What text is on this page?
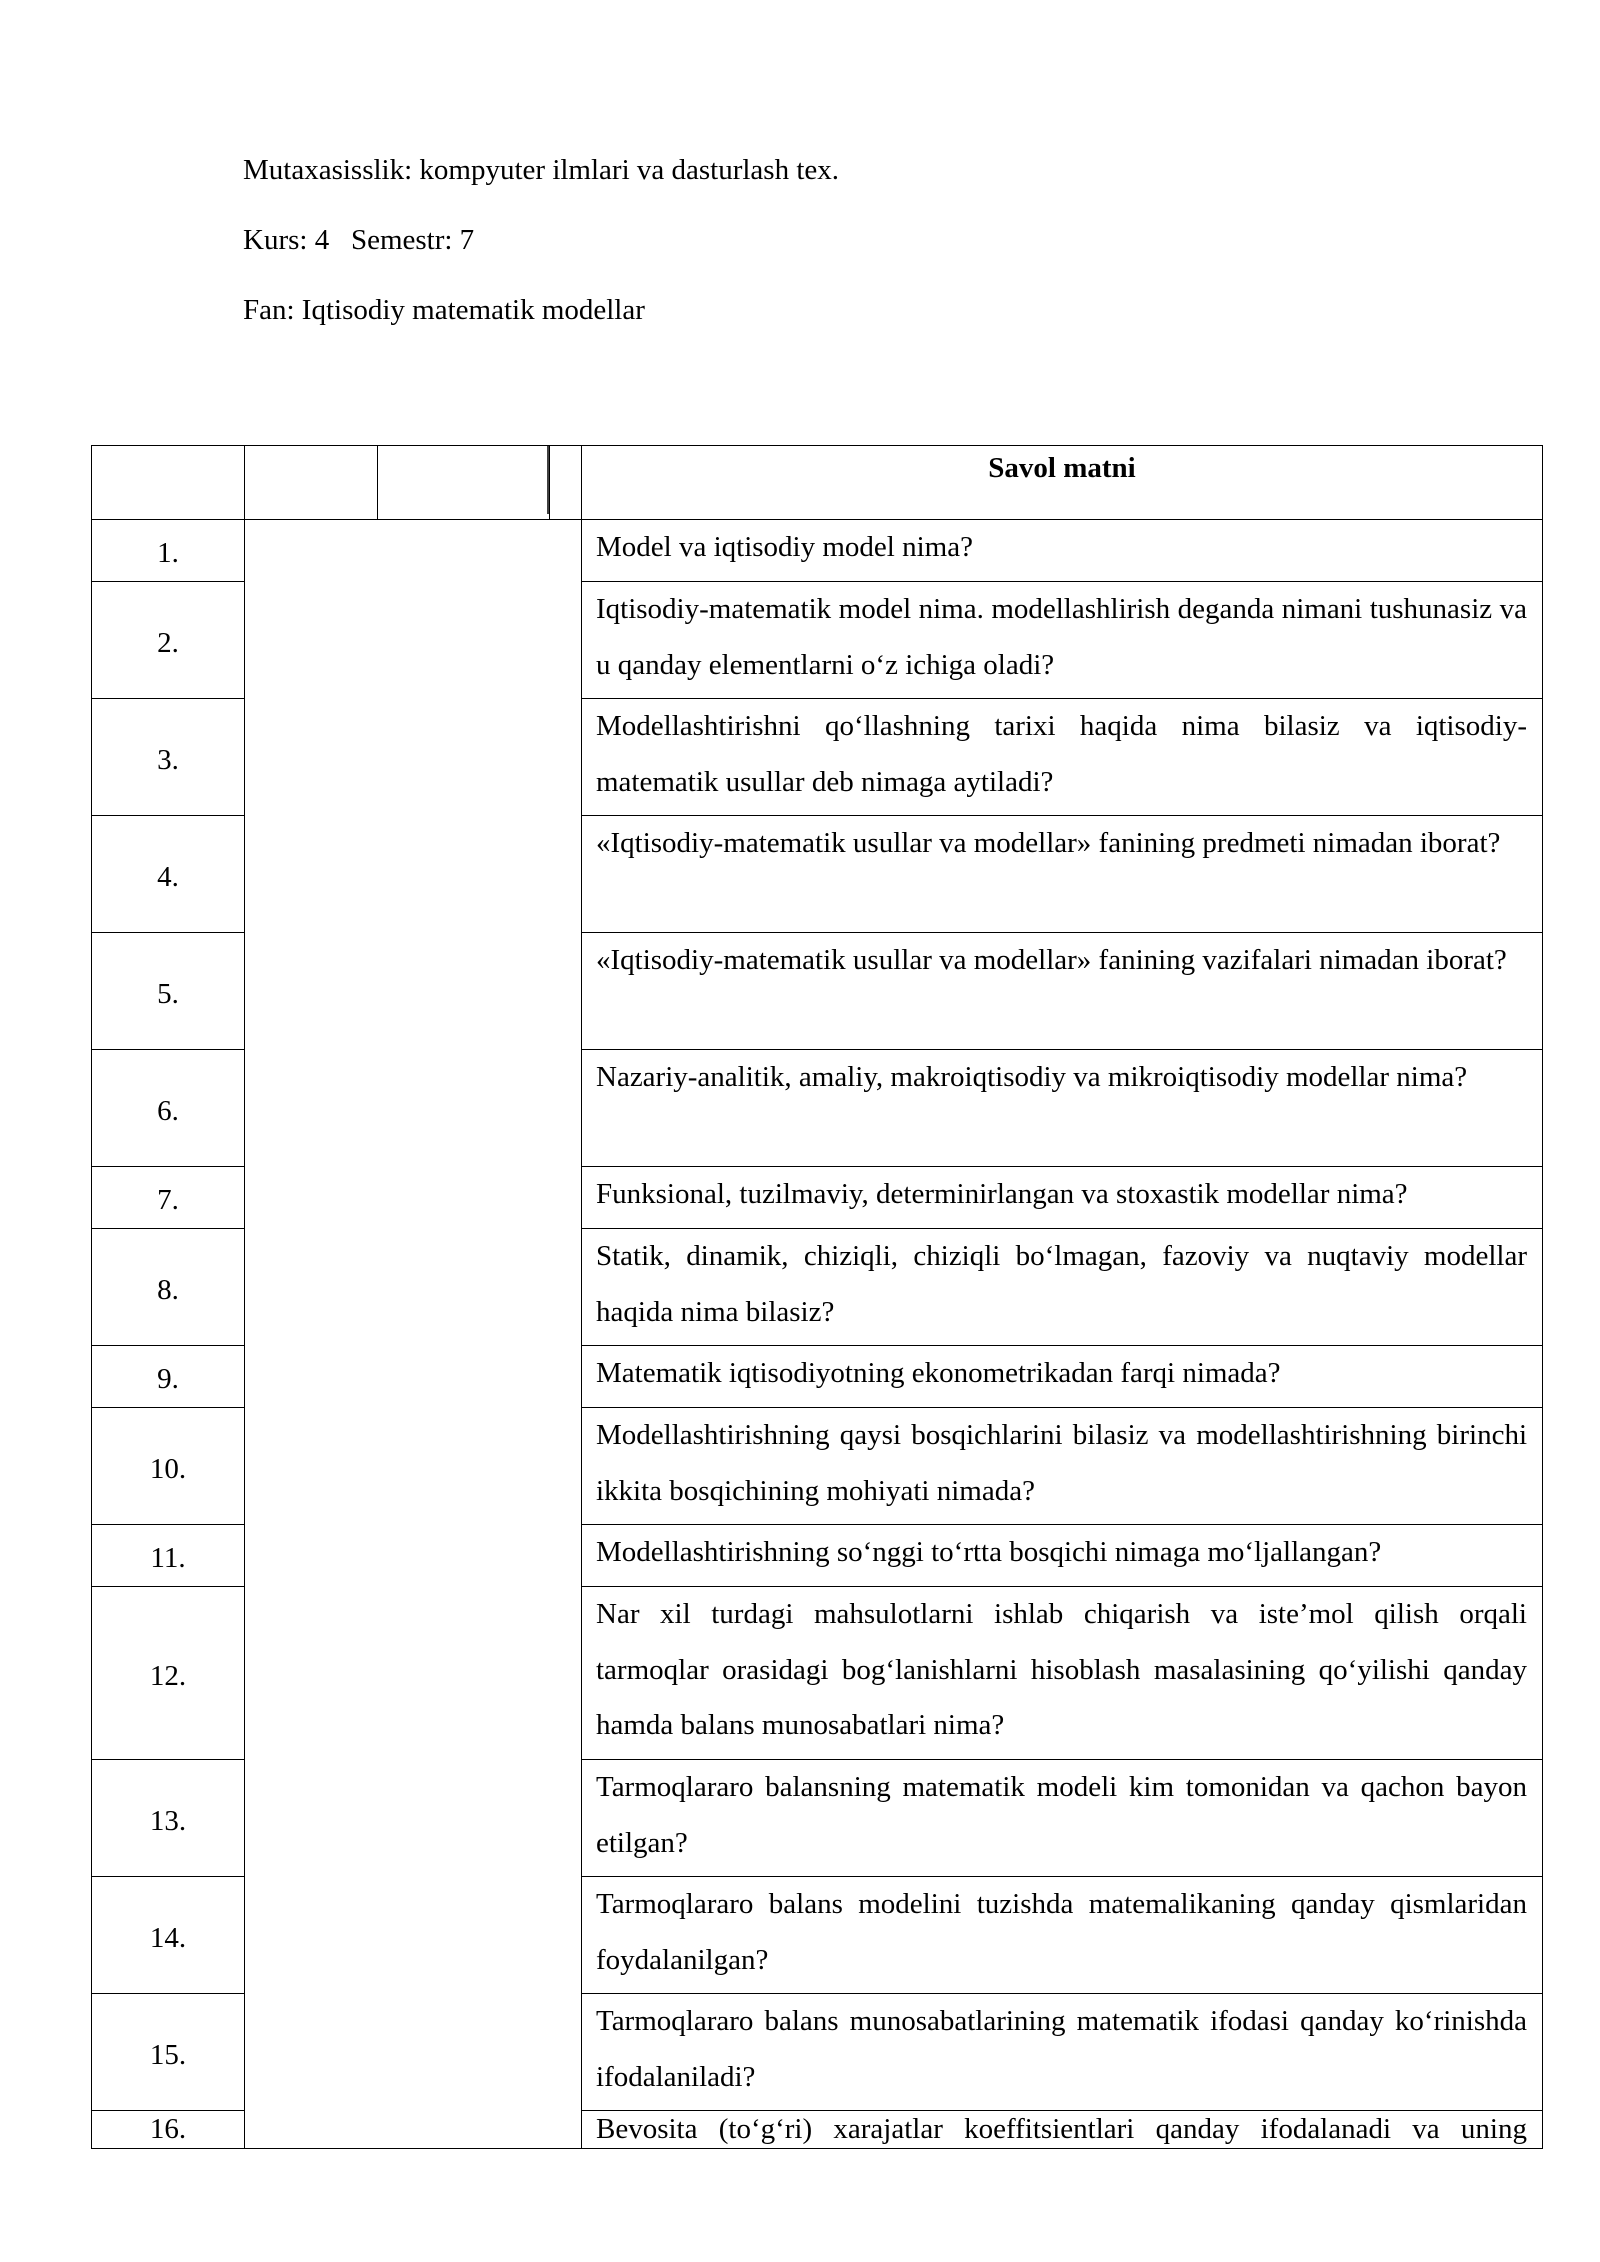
Mutaxasisslik: kompyuter ilmlari va dasturlash tex.
Kurs: 4   Semestr: 7
Fan: Iqtisodiy matematik modellar
				Savol matni
1.				Model va iqtisodiy model nima?
2.				Iqtisodiy-matematik model nima. modellashlirish deganda nimani tushunasiz va u qanday elementlarni o‘z ichiga oladi?
3.				Modellashtirishni qo‘llashning tarixi haqida nima bilasiz va iqtisodiy-matematik usullar deb nimaga aytiladi?
4.				«Iqtisodiy-matematik usullar va modellar» fanining predmeti nimadan iborat?
5.				«Iqtisodiy-matematik usullar va modellar» fanining vazifalari nimadan iborat?
6.				Nazariy-analitik, amaliy, makroiqtisodiy va mikroiqtisodiy modellar nima?
7.				Funksional, tuzilmaviy, determinirlangan va stoxastik modellar nima?
8.				Statik, dinamik, chiziqli, chiziqli bo‘lmagan, fazoviy va nuqtaviy modellar haqida nima bilasiz?
9.				Matematik iqtisodiyotning ekonometrikadan farqi nimada?
10.				Modellashtirishning qaysi bosqichlarini bilasiz va modellashtirishning birinchi ikkita bosqichining mohiyati nimada?
11.				Modellashtirishning so‘nggi to‘rtta bosqichi nimaga mo‘ljallangan?
12.				Nar xil turdagi mahsulotlarni ishlab chiqarish va iste’mol qilish orqali tarmoqlar orasidagi bog‘lanishlarni hisoblash masalasining qo‘yilishi qanday hamda balans munosabatlari nima?
13.				Tarmoqlararo balansning matematik modeli kim tomonidan va qachon bayon etilgan?
14.				Tarmoqlararo balans modelini tuzishda matemalikaning qanday qismlaridan foydalanilgan?
15.				Tarmoqlararo balans munosabatlarining matematik ifodasi qanday ko‘rinishda ifodalaniladi?
16.				Bevosita (to‘g‘ri) xarajatlar koeffitsientlari qanday ifodalanadi va uning
